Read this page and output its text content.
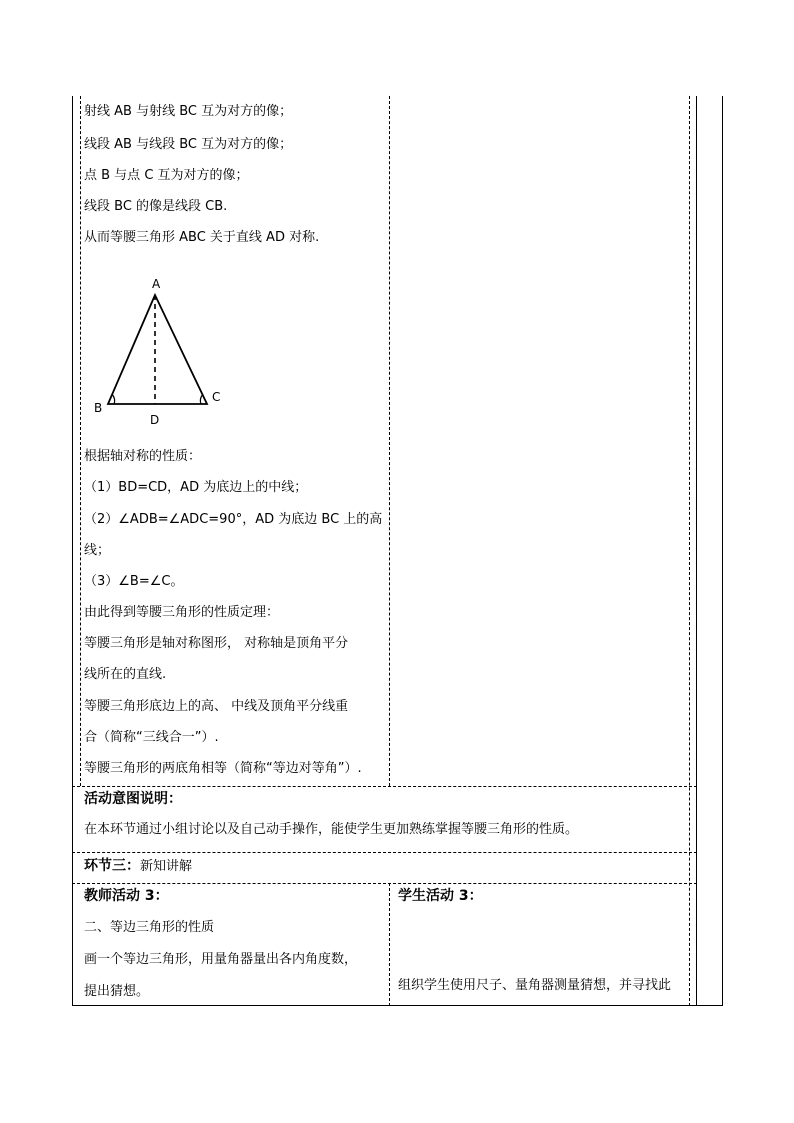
射线 AB 与射线 BC 互为对方的像；
线段 AB 与线段 BC 互为对方的像；
点 B 与点 C 互为对方的像；
线段 BC 的像是线段 CB.
从而等腰三角形 ABC 关于直线 AD 对称.
A
B
C
D
根据轴对称的性质：
（1）BD=CD，AD 为底边上的中线；
（2）∠ADB=∠ADC=90°，AD 为底边 BC 上的高
线；
（3）∠B=∠C。
由此得到等腰三角形的性质定理：
等腰三角形是轴对称图形， 对称轴是顶角平分
线所在的直线.
等腰三角形底边上的高、 中线及顶角平分线重
合（简称“三线合一”）.
等腰三角形的两底角相等（简称“等边对等角”）.
活动意图说明：
在本环节通过小组讨论以及自己动手操作，能使学生更加熟练掌握等腰三角形的性质。
环节三：新知讲解
教师活动 3：
二、等边三角形的性质
画一个等边三角形，用量角器量出各内角度数，
提出猜想。
学生活动 3：
组织学生使用尺子、量角器测量猜想，并寻找此
